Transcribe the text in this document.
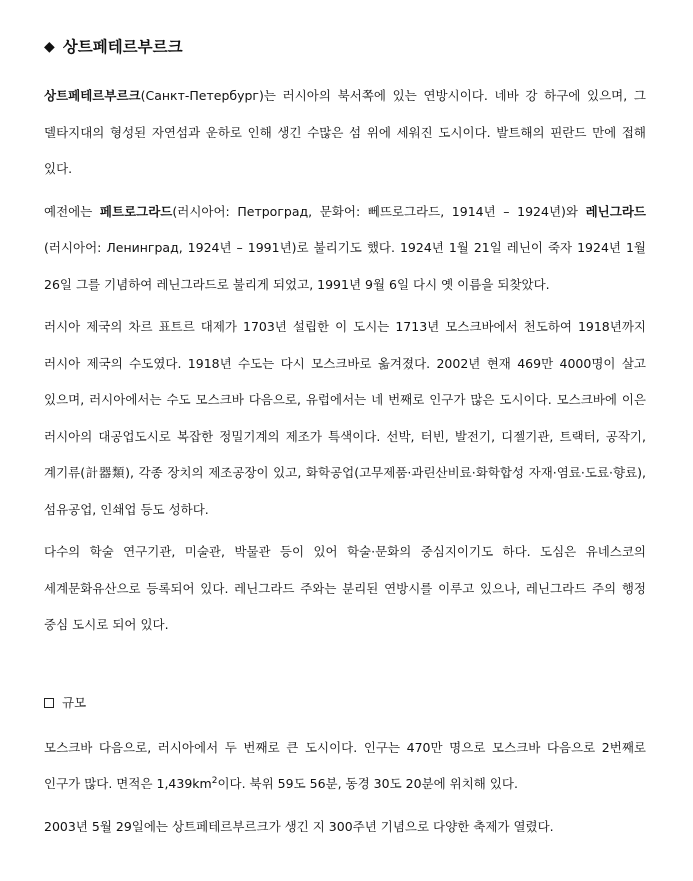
◆ 상트페테르부르크

상트페테르부르크(Санкт-Петербург)는 러시아의 북서쪽에 있는 연방시이다. 네바 강 하구에 있으며, 그 델타지대의 형성된 자연섬과 운하로 인해 생긴 수많은 섬 위에 세워진 도시이다. 발트해의 핀란드 만에 접해 있다.

예전에는 페트로그라드(러시아어: Петроград, 문화어: 뻬뜨로그라드, 1914년 – 1924년)와 레닌그라드(러시아어: Ленинград, 1924년 – 1991년)로 불리기도 했다. 1924년 1월 21일 레닌이 죽자 1924년 1월 26일 그를 기념하여 레닌그라드로 불리게 되었고, 1991년 9월 6일 다시 옛 이름을 되찾았다.

러시아 제국의 차르 표트르 대제가 1703년 설립한 이 도시는 1713년 모스크바에서 천도하여 1918년까지 러시아 제국의 수도였다. 1918년 수도는 다시 모스크바로 옮겨졌다. 2002년 현재 469만 4000명이 살고 있으며, 러시아에서는 수도 모스크바 다음으로, 유럽에서는 네 번째로 인구가 많은 도시이다. 모스크바에 이은 러시아의 대공업도시로 복잡한 정밀기계의 제조가 특색이다. 선박, 터빈, 발전기, 디젤기관, 트랙터, 공작기, 계기류(計器類), 각종 장치의 제조공장이 있고, 화학공업(고무제품·과린산비료·화학합성 자재·염료·도료·향료), 섬유공업, 인쇄업 등도 성하다.

다수의 학술 연구기관, 미술관, 박물관 등이 있어 학술·문화의 중심지이기도 하다. 도심은 유네스코의 세계문화유산으로 등록되어 있다. 레닌그라드 주와는 분리된 연방시를 이루고 있으나, 레닌그라드 주의 행정 중심 도시로 되어 있다.

규모

모스크바 다음으로, 러시아에서 두 번째로 큰 도시이다. 인구는 470만 명으로 모스크바 다음으로 2번째로 인구가 많다. 면적은 $1,439km^2$이다. 북위 59도 56분, 동경 30도 20분에 위치해 있다.

2003년 5월 29일에는 상트페테르부르크가 생긴 지 300주년 기념으로 다양한 축제가 열렸다.
